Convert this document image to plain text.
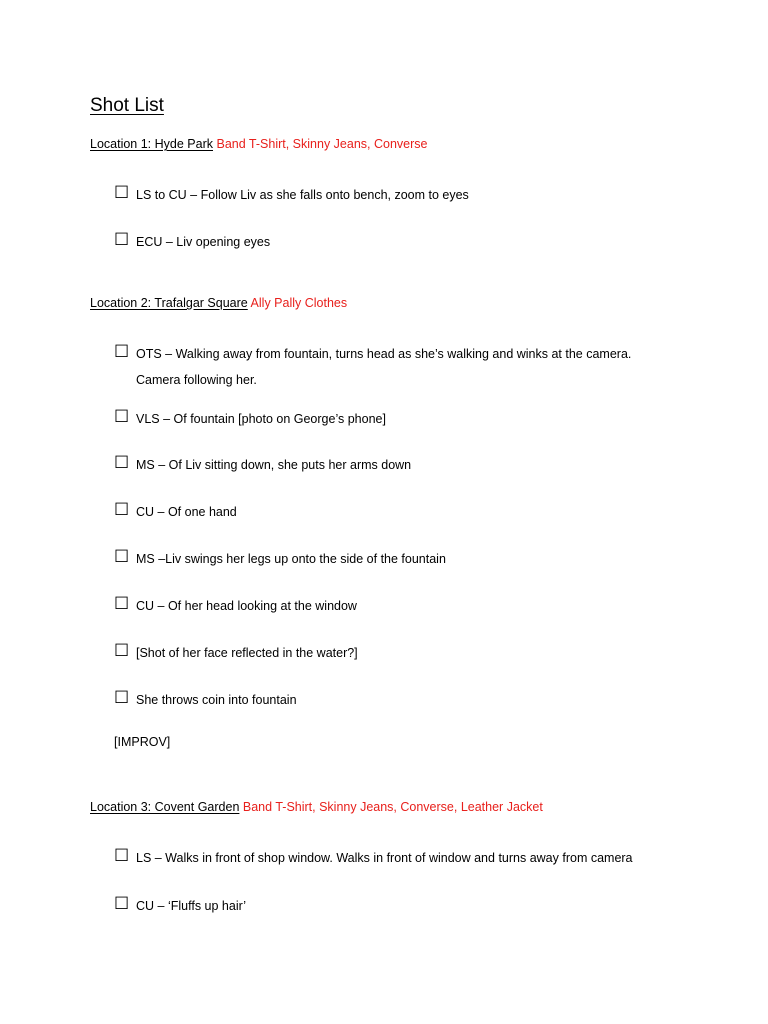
Shot List
Location 1: Hyde Park Band T-Shirt, Skinny Jeans, Converse
☐ LS to CU – Follow Liv as she falls onto bench, zoom to eyes
☐ ECU – Liv opening eyes
Location 2: Trafalgar Square Ally Pally Clothes
☐ OTS – Walking away from fountain, turns head as she’s walking and winks at the camera. Camera following her.
☐ VLS – Of fountain [photo on George’s phone]
☐ MS – Of Liv sitting down, she puts her arms down
☐ CU – Of one hand
☐ MS –Liv swings her legs up onto the side of the fountain
☐ CU – Of her head looking at the window
☐ [Shot of her face reflected in the water?]
☐ She throws coin into fountain
[IMPROV]
Location 3: Covent Garden Band T-Shirt, Skinny Jeans, Converse, Leather Jacket
☐ LS – Walks in front of shop window. Walks in front of window and turns away from camera
☐ CU – ‘Fluffs up hair’
